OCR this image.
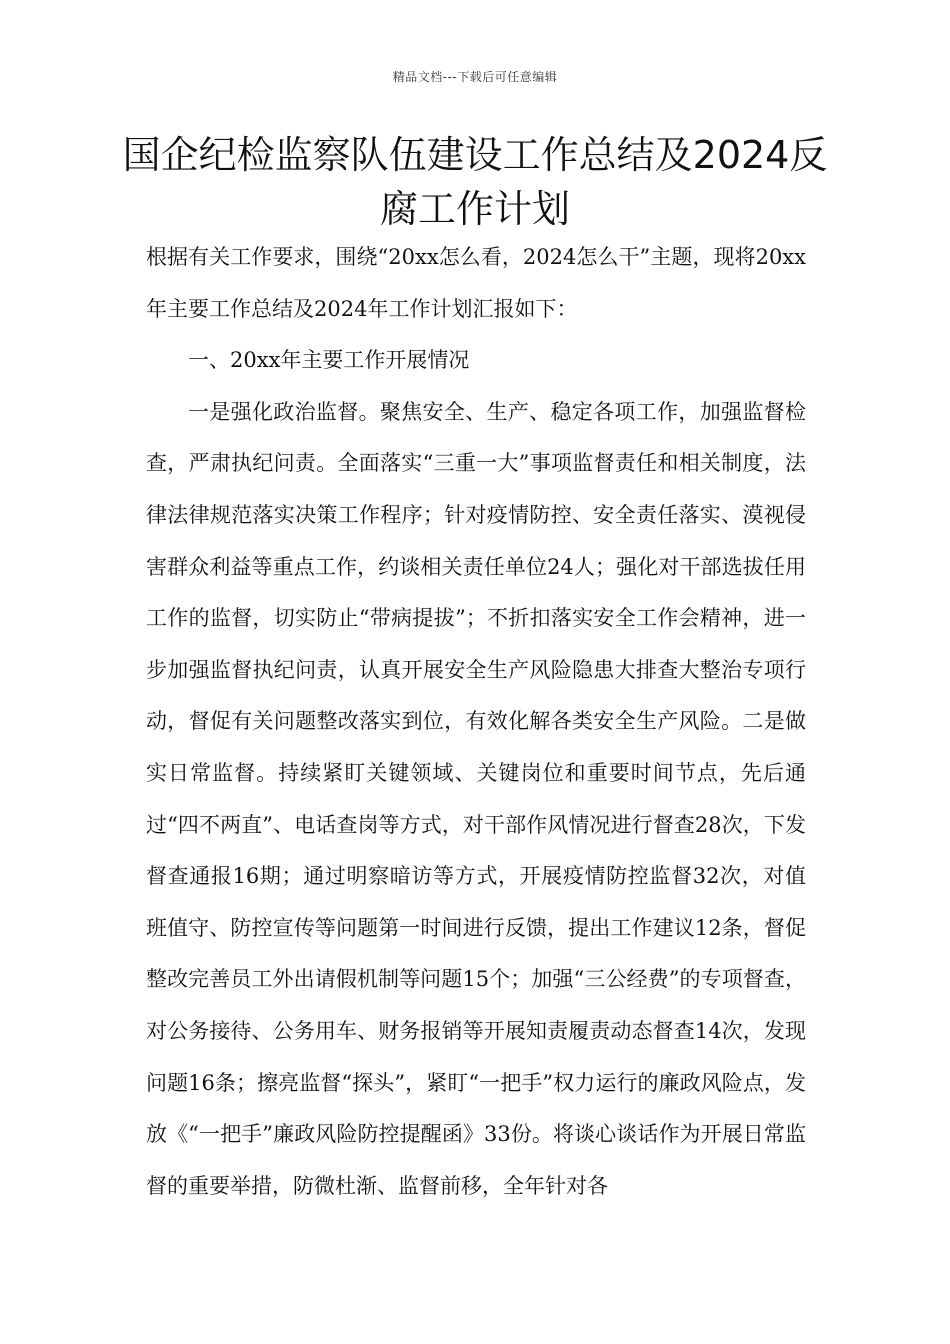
精品文档---下载后可任意编辑
国企纪检监察队伍建设工作总结及2024反腐工作计划

根据有关工作要求，围绕“20xx怎么看，2024怎么干”主题，现将20xx年主要工作总结及2024年工作计划汇报如下：

一、20xx年主要工作开展情况

一是强化政治监督。聚焦安全、生产、稳定各项工作，加强监督检查，严肃执纪问责。全面落实“三重一大”事项监督责任和相关制度，法律法律规范落实决策工作程序；针对疫情防控、安全责任落实、漠视侵害群众利益等重点工作，约谈相关责任单位24人；强化对干部选拔任用工作的监督，切实防止“带病提拔”；不折扣落实安全工作会精神，进一步加强监督执纪问责，认真开展安全生产风险隐患大排查大整治专项行动，督促有关问题整改落实到位，有效化解各类安全生产风险。二是做实日常监督。持续紧盯关键领域、关键岗位和重要时间节点，先后通过“四不两直”、电话查岗等方式，对干部作风情况进行督查28次，下发督查通报16期；通过明察暗访等方式，开展疫情防控监督32次，对值班值守、防控宣传等问题第一时间进行反馈，提出工作建议12条，督促整改完善员工外出请假机制等问题15个；加强“三公经费”的专项督查，对公务接待、公务用车、财务报销等开展知责履责动态督查14次，发现问题16条；擦亮监督“探头”，紧盯“一把手”权力运行的廉政风险点，发放《“一把手”廉政风险防控提醒函》33份。将谈心谈话作为开展日常监督的重要举措，防微杜渐、监督前移，全年针对各
